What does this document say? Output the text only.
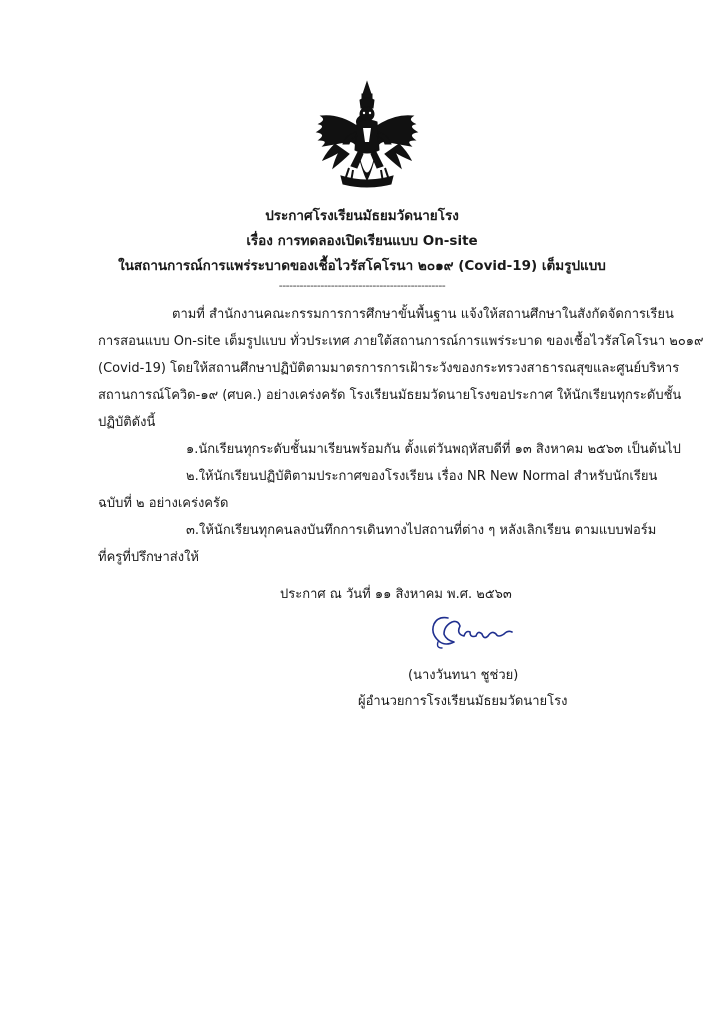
ประกาศโรงเรียนมัธยมวัดนายโรง
เรื่อง การทดลองเปิดเรียนแบบ On-site
ในสถานการณ์การแพร่ระบาดของเชื้อไวรัสโคโรนา ๒๐๑๙ (Covid-19) เต็มรูปแบบ
------------------------------------------------
ตามที่ สำนักงานคณะกรรมการการศึกษาขั้นพื้นฐาน แจ้งให้สถานศึกษาในสังกัดจัดการเรียน
การสอนแบบ On-site เต็มรูปแบบ ทั่วประเทศ ภายใต้สถานการณ์การแพร่ระบาด ของเชื้อไวรัสโคโรนา ๒๐๑๙
(Covid-19) โดยให้สถานศึกษาปฏิบัติตามมาตรการการเฝ้าระวังของกระทรวงสาธารณสุขและศูนย์บริหาร
สถานการณ์โควิด-๑๙ (ศบค.) อย่างเคร่งครัด โรงเรียนมัธยมวัดนายโรงขอประกาศ ให้นักเรียนทุกระดับชั้น
ปฏิบัติดังนี้
๑.นักเรียนทุกระดับชั้นมาเรียนพร้อมกัน ตั้งแต่วันพฤหัสบดีที่ ๑๓ สิงหาคม ๒๕๖๓ เป็นต้นไป
๒.ให้นักเรียนปฏิบัติตามประกาศของโรงเรียน เรื่อง NR New Normal สำหรับนักเรียน
ฉบับที่ ๒ อย่างเคร่งครัด
๓.ให้นักเรียนทุกคนลงบันทึกการเดินทางไปสถานที่ต่าง ๆ หลังเลิกเรียน ตามแบบฟอร์ม
ที่ครูที่ปรึกษาส่งให้
ประกาศ ณ วันที่ ๑๑ สิงหาคม พ.ศ. ๒๕๖๓
(นางวันทนา ชูช่วย)
ผู้อำนวยการโรงเรียนมัธยมวัดนายโรง
